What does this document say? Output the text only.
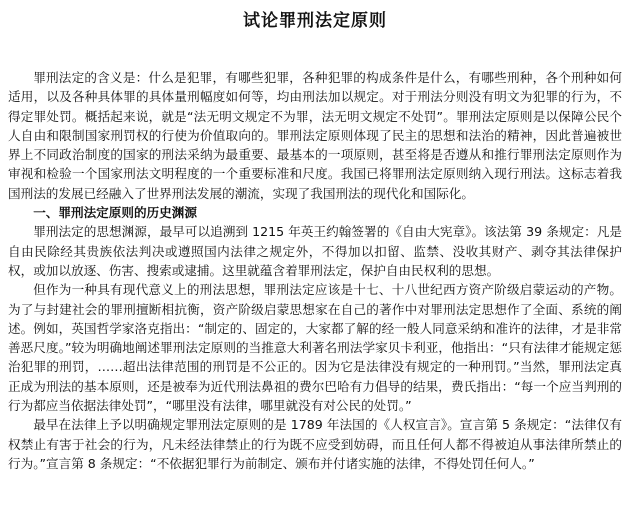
试论罪刑法定原则

罪刑法定的含义是：什么是犯罪，有哪些犯罪，各种犯罪的构成条件是什么，有哪些刑种，各个刑种如何适用，以及各种具体罪的具体量刑幅度如何等，均由刑法加以规定。对于刑法分则没有明文为犯罪的行为，不得定罪处罚。概括起来说，就是“法无明文规定不为罪，法无明文规定不处罚”。罪刑法定原则是以保障公民个人自由和限制国家刑罚权的行使为价值取向的。罪刑法定原则体现了民主的思想和法治的精神，因此普遍被世界上不同政治制度的国家的刑法采纳为最重要、最基本的一项原则，甚至将是否遵从和推行罪刑法定原则作为审视和检验一个国家刑法文明程度的一个重要标准和尺度。我国已将罪刑法定原则纳入现行刑法。这标志着我国刑法的发展已经融入了世界刑法发展的潮流，实现了我国刑法的现代化和国际化。

一、罪刑法定原则的历史渊源

罪刑法定的思想渊源，最早可以追溯到 1215 年英王约翰签署的《自由大宪章》。该法第 39 条规定：凡是自由民除经其贵族依法判决或遵照国内法律之规定外，不得加以扣留、监禁、没收其财产、剥夺其法律保护权，或加以放逐、伤害、搜索或逮捕。这里就蕴含着罪刑法定，保护自由民权利的思想。

但作为一种具有现代意义上的刑法思想，罪刑法定应该是十七、十八世纪西方资产阶级启蒙运动的产物。为了与封建社会的罪刑擅断相抗衡，资产阶级启蒙思想家在自己的著作中对罪刑法定思想作了全面、系统的阐述。例如，英国哲学家洛克指出：“制定的、固定的，大家都了解的经一般人同意采纳和准许的法律，才是非常善恶尺度。”较为明确地阐述罪刑法定原则的当推意大利著名刑法学家贝卡利亚，他指出：“只有法律才能规定惩治犯罪的刑罚，……超出法律范围的刑罚是不公正的。因为它是法律没有规定的一种刑罚。”当然，罪刑法定真正成为刑法的基本原则，还是被奉为近代刑法鼻祖的费尔巴哈有力倡导的结果，费氏指出：“每一个应当判刑的行为都应当依据法律处罚”，“哪里没有法律，哪里就没有对公民的处罚。”

最早在法律上予以明确规定罪刑法定原则的是 1789 年法国的《人权宣言》。宣言第 5 条规定：“法律仅有权禁止有害于社会的行为，凡未经法律禁止的行为既不应受到妨碍，而且任何人都不得被迫从事法律所禁止的行为。”宣言第 8 条规定：“不依据犯罪行为前制定、颁布并付诸实施的法律，不得处罚任何人。”
